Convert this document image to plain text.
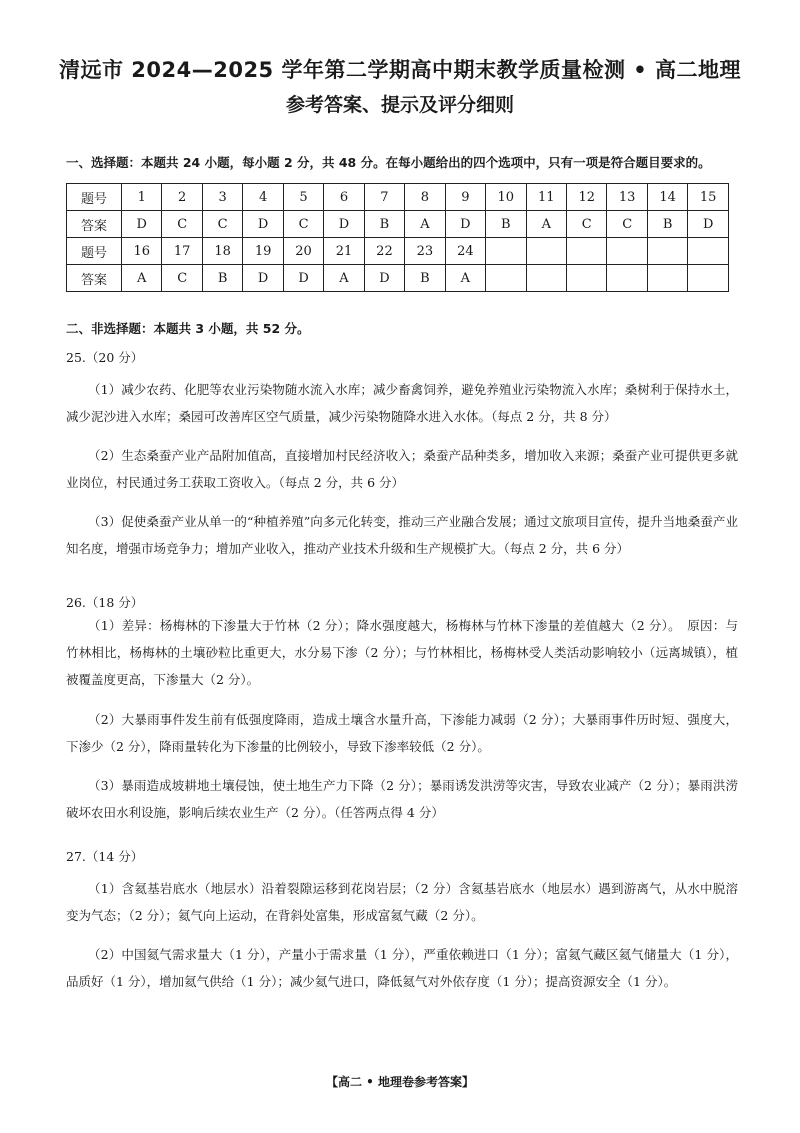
清远市 2024—2025 学年第二学期高中期末教学质量检测 • 高二地理
参考答案、提示及评分细则

一、选择题：本题共 24 小题，每小题 2 分，共 48 分。在每小题给出的四个选项中，只有一项是符合题目要求的。

题号	1	2	3	4	5	6	7	8	9	10	11	12	13	14	15
答案	D	C	C	D	C	D	B	A	D	B	A	C	C	B	D
题号	16	17	18	19	20	21	22	23	24						
答案	A	C	B	D	D	A	D	B	A						

二、非选择题：本题共 3 小题，共 52 分。

25.（20 分）

（1）减少农药、化肥等农业污染物随水流入水库；减少畜禽饲养，避免养殖业污染物流入水库；桑树利于保持水土，减少泥沙进入水库；桑园可改善库区空气质量，减少污染物随降水进入水体。（每点 2 分，共 8 分）

（2）生态桑蚕产业产品附加值高，直接增加村民经济收入；桑蚕产品种类多，增加收入来源；桑蚕产业可提供更多就业岗位，村民通过务工获取工资收入。（每点 2 分，共 6 分）

（3）促使桑蚕产业从单一的“种植养殖”向多元化转变，推动三产业融合发展；通过文旅项目宣传，提升当地桑蚕产业知名度，增强市场竞争力；增加产业收入，推动产业技术升级和生产规模扩大。（每点 2 分，共 6 分）

26.（18 分）

（1）差异：杨梅林的下渗量大于竹林（2 分）；降水强度越大，杨梅林与竹林下渗量的差值越大（2 分）。　原因：与竹林相比，杨梅林的土壤砂粒比重更大，水分易下渗（2 分）；与竹林相比，杨梅林受人类活动影响较小（远离城镇），植被覆盖度更高，下渗量大（2 分）。

（2）大暴雨事件发生前有低强度降雨，造成土壤含水量升高，下渗能力减弱（2 分）；大暴雨事件历时短、强度大，下渗少（2 分），降雨量转化为下渗量的比例较小，导致下渗率较低（2 分）。

（3）暴雨造成坡耕地土壤侵蚀，使土地生产力下降（2 分）；暴雨诱发洪涝等灾害，导致农业减产（2 分）；暴雨洪涝破坏农田水利设施，影响后续农业生产（2 分）。（任答两点得 4 分）

27.（14 分）

（1）含氦基岩底水（地层水）沿着裂隙运移到花岗岩层；（2 分）含氦基岩底水（地层水）遇到游离气，从水中脱溶变为气态；（2 分）；氦气向上运动，在背斜处富集，形成富氦气藏（2 分）。

（2）中国氦气需求量大（1 分），产量小于需求量（1 分），严重依赖进口（1 分）；富氦气藏区氦气储量大（1 分），品质好（1 分），增加氦气供给（1 分）；减少氦气进口，降低氦气对外依存度（1 分）；提高资源安全（1 分）。

【高二 • 地理卷参考答案】
